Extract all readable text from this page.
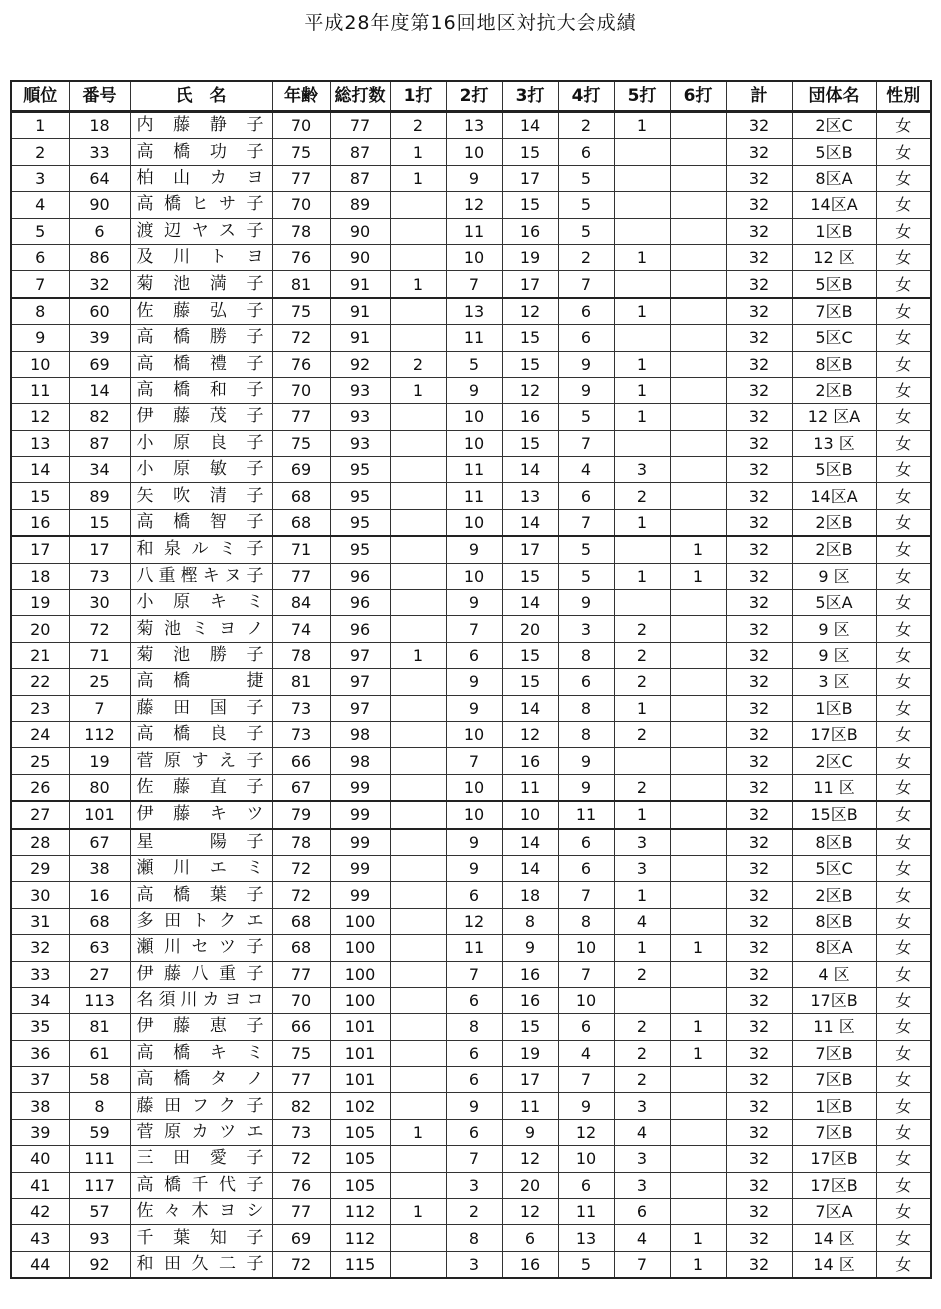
平成28年度第16回地区対抗大会成績
順位	番号	氏　名	年齢	総打数	1打	2打	3打	4打	5打	6打	計	団体名	性別
1	18	内藤静子	70	77	2	13	14	2	1		32	2区C	女
2	33	高橋功子	75	87	1	10	15	6			32	5区B	女
3	64	柏山カヨ	77	87	1	9	17	5			32	8区A	女
4	90	高橋ヒサ子	70	89		12	15	5			32	14区A	女
5	6	渡辺ヤス子	78	90		11	16	5			32	1区B	女
6	86	及川トヨ	76	90		10	19	2	1		32	12 区	女
7	32	菊池満子	81	91	1	7	17	7			32	5区B	女
8	60	佐藤弘子	75	91		13	12	6	1		32	7区B	女
9	39	高橋勝子	72	91		11	15	6			32	5区C	女
10	69	高橋禮子	76	92	2	5	15	9	1		32	8区B	女
11	14	高橋和子	70	93	1	9	12	9	1		32	2区B	女
12	82	伊藤茂子	77	93		10	16	5	1		32	12 区A	女
13	87	小原良子	75	93		10	15	7			32	13 区	女
14	34	小原敏子	69	95		11	14	4	3		32	5区B	女
15	89	矢吹清子	68	95		11	13	6	2		32	14区A	女
16	15	高橋智子	68	95		10	14	7	1		32	2区B	女
17	17	和泉ルミ子	71	95		9	17	5		1	32	2区B	女
18	73	八重樫キヌ子	77	96		10	15	5	1	1	32	9 区	女
19	30	小原キミ	84	96		9	14	9			32	5区A	女
20	72	菊池ミヨノ	74	96		7	20	3	2		32	9 区	女
21	71	菊池勝子	78	97	1	6	15	8	2		32	9 区	女
22	25	高橋　捷	81	97		9	15	6	2		32	3 区	女
23	7	藤田国子	73	97		9	14	8	1		32	1区B	女
24	112	高橋良子	73	98		10	12	8	2		32	17区B	女
25	19	菅原すえ子	66	98		7	16	9			32	2区C	女
26	80	佐藤直子	67	99		10	11	9	2		32	11 区	女
27	101	伊藤キツ	79	99		10	10	11	1		32	15区B	女
28	67	星　陽子	78	99		9	14	6	3		32	8区B	女
29	38	瀬川エミ	72	99		9	14	6	3		32	5区C	女
30	16	高橋葉子	72	99		6	18	7	1		32	2区B	女
31	68	多田トクエ	68	100		12	8	8	4		32	8区B	女
32	63	瀬川セツ子	68	100		11	9	10	1	1	32	8区A	女
33	27	伊藤八重子	77	100		7	16	7	2		32	4 区	女
34	113	名須川カヨコ	70	100		6	16	10			32	17区B	女
35	81	伊藤恵子	66	101		8	15	6	2	1	32	11 区	女
36	61	高橋キミ	75	101		6	19	4	2	1	32	7区B	女
37	58	高橋タノ	77	101		6	17	7	2		32	7区B	女
38	8	藤田フク子	82	102		9	11	9	3		32	1区B	女
39	59	菅原カツエ	73	105	1	6	9	12	4		32	7区B	女
40	111	三田愛子	72	105		7	12	10	3		32	17区B	女
41	117	高橋千代子	76	105		3	20	6	3		32	17区B	女
42	57	佐々木ヨシ	77	112	1	2	12	11	6		32	7区A	女
43	93	千葉知子	69	112		8	6	13	4	1	32	14 区	女
44	92	和田久二子	72	115		3	16	5	7	1	32	14 区	女
